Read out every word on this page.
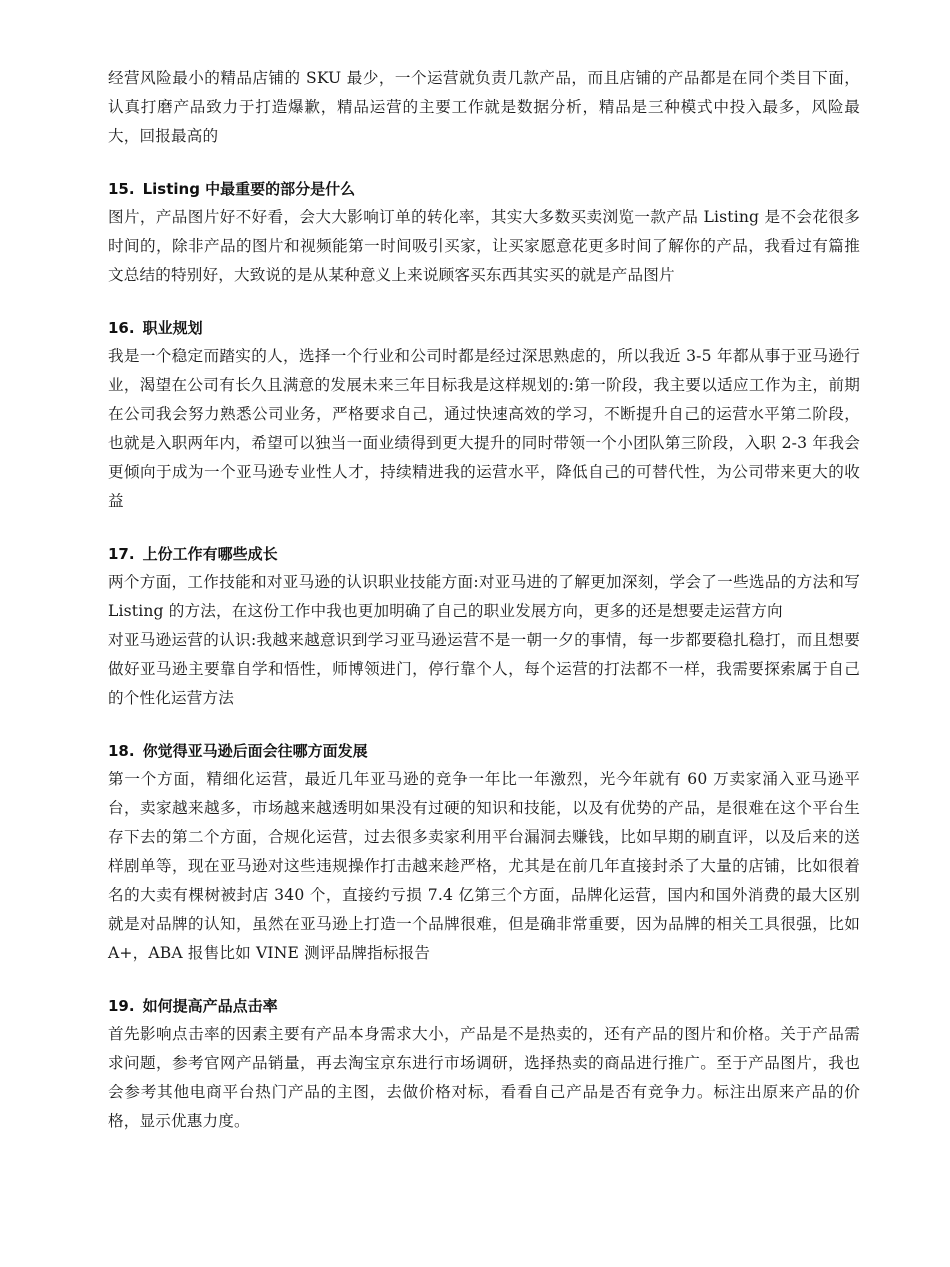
经营风险最小的精品店铺的 SKU 最少，一个运营就负责几款产品，而且店铺的产品都是在同个类目下面，认真打磨产品致力于打造爆歉，精品运营的主要工作就是数据分析，精品是三种模式中投入最多，风险最大，回报最高的

15. Listing 中最重要的部分是什么

图片，产品图片好不好看，会大大影响订单的转化率，其实大多数买卖浏览一款产品 Listing 是不会花很多时间的，除非产品的图片和视频能第一时间吸引买家，让买家愿意花更多时间了解你的产品，我看过有篇推文总结的特别好，大致说的是从某种意义上来说顾客买东西其实买的就是产品图片

16. 职业规划

我是一个稳定而踏实的人，选择一个行业和公司时都是经过深思熟虑的，所以我近 3-5 年都从事于亚马逊行业，渴望在公司有长久且满意的发展未来三年目标我是这样规划的:第一阶段，我主要以适应工作为主，前期在公司我会努力熟悉公司业务，严格要求自己，通过快速高效的学习，不断提升自己的运营水平第二阶段，也就是入职两年内，希望可以独当一面业绩得到更大提升的同时带领一个小团队第三阶段，入职 2-3 年我会更倾向于成为一个亚马逊专业性人才，持续精进我的运营水平，降低自己的可替代性，为公司带来更大的收益

17. 上份工作有哪些成长

两个方面，工作技能和对亚马逊的认识职业技能方面:对亚马进的了解更加深刻，学会了一些选品的方法和写 Listing 的方法，在这份工作中我也更加明确了自己的职业发展方向，更多的还是想要走运营方向

对亚马逊运营的认识:我越来越意识到学习亚马逊运营不是一朝一夕的事情，每一步都要稳扎稳打，而且想要做好亚马逊主要靠自学和悟性，师博领进门，停行靠个人，每个运营的打法都不一样，我需要探索属于自己的个性化运营方法

18. 你觉得亚马逊后面会往哪方面发展

第一个方面，精细化运营，最近几年亚马逊的竞争一年比一年激烈，光今年就有 60 万卖家涌入亚马逊平台，卖家越来越多，市场越来越透明如果没有过硬的知识和技能，以及有优势的产品，是很难在这个平台生存下去的第二个方面，合规化运营，过去很多卖家利用平台漏洞去赚钱，比如早期的刷直评，以及后来的送样剧单等，现在亚马逊对这些违规操作打击越来趁严格，尤其是在前几年直接封杀了大量的店铺，比如很着名的大卖有棵树被封店 340 个，直接约亏损 7.4 亿第三个方面，品牌化运营，国内和国外消费的最大区别就是对品牌的认知，虽然在亚马逊上打造一个品牌很难，但是确非常重要，因为品牌的相关工具很强，比如 A+，ABA 报售比如 VINE 测评品牌指标报告

19. 如何提高产品点击率

首先影响点击率的因素主要有产品本身需求大小，产品是不是热卖的，还有产品的图片和价格。关于产品需求问题，参考官网产品销量，再去淘宝京东进行市场调研，选择热卖的商品进行推广。至于产品图片，我也会参考其他电商平台热门产品的主图，去做价格对标，看看自己产品是否有竞争力。标注出原来产品的价格，显示优惠力度。
